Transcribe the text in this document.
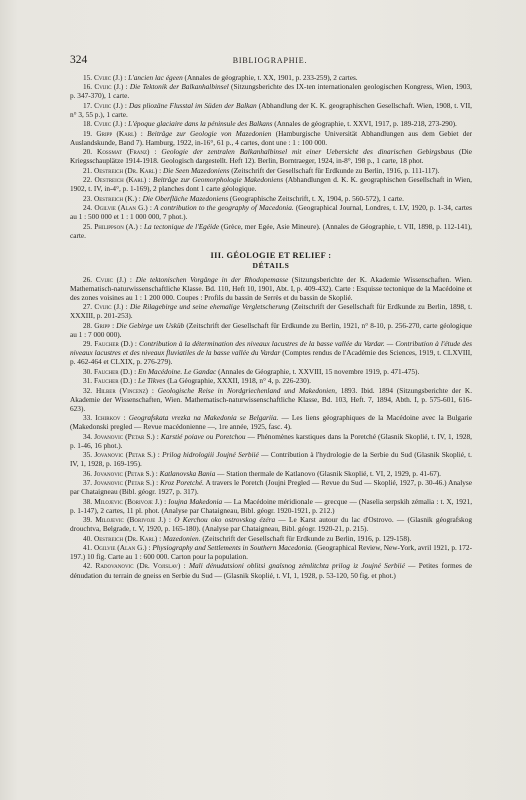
324	BIBLIOGRAPHIE.

15. Cvijic (J.) : L'ancien lac égeen (Annales de géographie, t. XX, 1901, p. 233-259), 2 cartes.

16. Cvijic (J.) : Die Tektonik der Balkanhalbinsel (Sitzungsberichte des IX-ten internationalen geologischen Kongress, Wien, 1903, p. 347-370), 1 carte.

17. Cvijic (J.) : Das pliozäne Flusstal im Süden der Balkan (Abhandlung der K. K. geographischen Gesellschaft. Wien, 1908, t. VII, n° 3, 55 p.), 1 carte.

18. Cvijic (J.) : L'époque glaciaire dans la péninsule des Balkans (Annales de géographie, t. XXVI, 1917, p. 189-218, 273-290).

19. Gripp (Karl) : Beiträge zur Geologie von Mazedonien (Hamburgische Universität Abhandlungen aus dem Gebiet der Auslandskunde, Band 7). Hamburg, 1922, in-16°, 61 p., 4 cartes, dont une : 1 : 100 000.

20. Kossmat (Franz) : Geologie der zentralen Balkanhalbinsel mit einer Uebersicht des dinarischen Gebirgsbaus (Die Kriegsschauplätze 1914-1918. Geologisch dargestellt. Heft 12). Berlin, Borntraeger, 1924, in-8°, 198 p., 1 carte, 18 phot.

21. Oestreich (Dr. Karl) : Die Seen Mazedoniens (Zeitschrift der Gesellschaft für Erdkunde zu Berlin, 1916, p. 111-117).

22. Oestreich (Karl) : Beiträge zur Geomorphologie Makedoniens (Abhandlungen d. K. K. geographischen Gesellschaft in Wien, 1902, t. IV, in-4°, p. 1-169), 2 planches dont 1 carte géologique.

23. Oestreich (K.) : Die Oberfläche Mazedoniens (Geographische Zeitschrift, t. X, 1904, p. 560-572), 1 carte.

24. Ogilvie (Alan G.) : A contribution to the geography of Macedonia. (Geographical Journal, Londres, t. LV, 1920, p. 1-34, cartes au 1 : 500 000 et 1 : 1 000 000, 7 phot.).

25. Philippson (A.) : La tectonique de l'Egéide (Grèce, mer Egée, Asie Mineure). (Annales de Géographie, t. VII, 1898, p. 112-141), carte.

III. GÉOLOGIE ET RELIEF :
DÉTAILS

26. Cvijic (J.) : Die tektonischen Vorgänge in der Rhodopemasse (Sitzungsberichte der K. Akademie Wissenschaften. Wien. Mathematisch-naturwissenschaftliche Klasse. Bd. 110, Heft 10, 1901, Abt. I, p. 409-432). Carte : Esquisse tectonique de la Macédoine et des zones voisines au 1 : 1 200 000. Coupes : Profils du bassin de Serrès et du bassin de Skoplié.

27. Cvijic (J.) : Die Rilagebirge und seine ehemalige Vergletscherung (Zeitschrift der Gesellschaft für Erdkunde zu Berlin, 1898, t. XXXIII, p. 201-253).

28. Gripp : Die Gebirge um Usküb (Zeitschrift der Gesellschaft für Erdkunde zu Berlin, 1921, n° 8-10, p. 256-270, carte géologique au 1 : 7 000 000).

29. Faucher (D.) : Contribution à la détermination des niveaux lacustres de la basse vallée du Vardar. — Contribution à l'étude des niveaux lacustres et des niveaux fluviatiles de la basse vallée du Vardar (Comptes rendus de l'Académie des Sciences, 1919, t. CLXVIII, p. 462-464 et CLXIX, p. 276-279).

30. Faucher (D.) : En Macédoine. Le Gandac (Annales de Géographie, t. XXVIII, 15 novembre 1919, p. 471-475).

31. Faucher (D.) : Le Tikves (La Géographie, XXXII, 1918, n° 4, p. 226-230).

32. Hilber (Vincenz) : Geologische Reise in Nordgriechenland und Makedonien, 1893. Ibid. 1894 (Sitzungsberichte der K. Akademie der Wissenschaften, Wien. Mathematisch-naturwissenschaftliche Klasse, Bd. 103, Heft. 7, 1894, Abth. I, p. 575-601, 616-623).

33. Ichirkov : Geografskata vrezka na Makedonia se Belgariia. — Les liens géographiques de la Macédoine avec la Bulgarie (Makedonski pregled — Revue macédonienne —, 1re année, 1925, fasc. 4).

34. Jovanovic (Petar S.) : Karstié poiave ou Poretchou — Phénomènes karstiques dans la Poretché (Glasnik Skoplié, t. IV, 1, 1928, p. 1-46, 16 phot.).

35. Jovanovic (Petar S.) : Prilog hidrologiii Joujné Serbiié — Contribution à l'hydrologie de la Serbie du Sud (Glasnik Skoplié, t. IV, 1, 1928, p. 169-195).

36. Jovanovic (Petar S.) : Katlanovska Bania — Station thermale de Katlanovo (Glasnik Skoplié, t. VI, 2, 1929, p. 41-67).

37. Jovanovic (Petar S.) : Kroz Poretché. A travers le Poretch (Joujni Pregled — Revue du Sud — Skoplié, 1927, p. 30-46.) Analyse par Chataigneau (Bibl. géogr. 1927, p. 317).

38. Milojevic (Borivoje J.) : Ioujna Makedonia — La Macédoine méridionale — grecque — (Naselia serpskih zémalia : t. X, 1921, p. 1-147), 2 cartes, 11 pl. phot. (Analyse par Chataigneau, Bibl. géogr. 1920-1921, p. 212.)

39. Milojevic (Borivoje J.) : O Kerchou oko ostrovskog ézéra — Le Karst autour du lac d'Ostrovo. — (Glasnik géografskog drouchtva, Belgrade, t. V, 1920, p. 165-180). (Analyse par Chataigneau, Bibl. géogr. 1920-21, p. 215).

40. Oestreich (Dr. Karl) : Mazedonien. (Zeitschrift der Gesellschaft für Erdkunde zu Berlin, 1916, p. 129-158).

41. Ogilvie (Alan G.) : Physiography and Settlements in Southern Macedonia. (Geographical Review, New-York, avril 1921, p. 172-197.) 10 fig. Carte au 1 : 600 000. Carton pour la population.

42. Radovanovic (Dr. Vojislav) : Mali dénudatsioni oblitsi gnaïsnog zémlitchta prilog iz Joujné Serbiié — Petites formes de dénudation du terrain de gneiss en Serbie du Sud — (Glasnik Skoplié, t. VI, 1, 1928, p. 53-120, 50 fig. et phot.)
